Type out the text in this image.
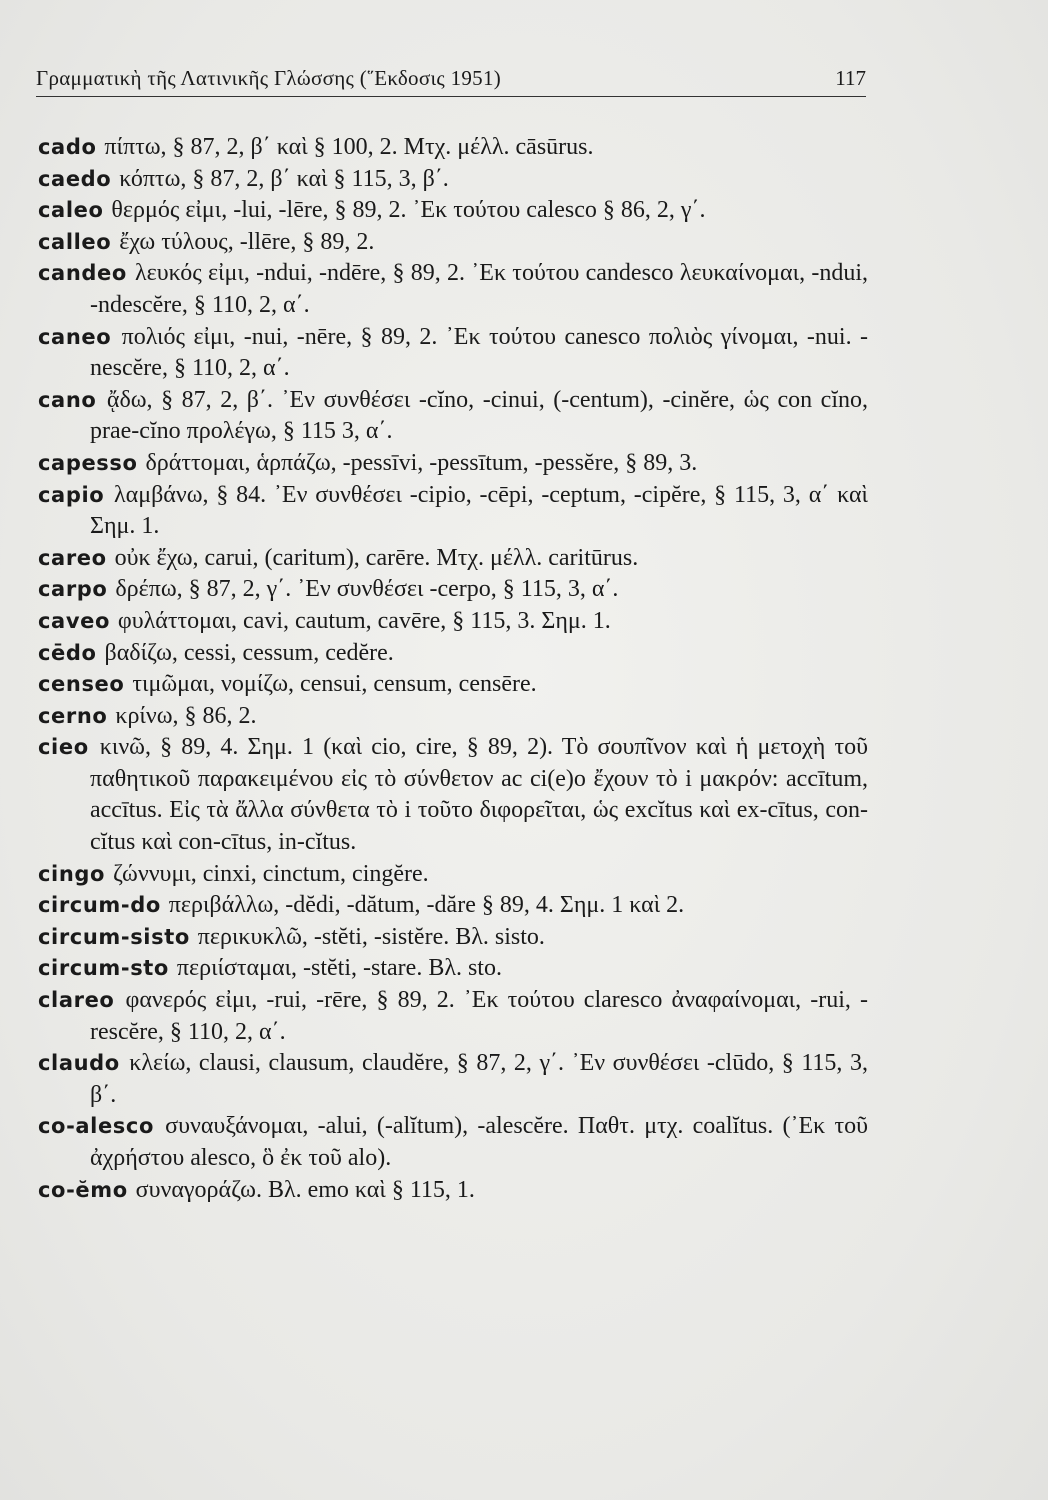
Γραμματικὴ τῆς Λατινικῆς Γλώσσης (῞Εκδοσις 1951)	117

cado πίπτω, § 87, 2, β΄ καὶ § 100, 2. Μτχ. μέλλ. cāsūrus.

caedo κόπτω, § 87, 2, β΄ καὶ § 115, 3, β΄.

caleo θερμός εἰμι, -lui, -lēre, § 89, 2. ᾿Εκ τούτου calesco § 86, 2, γ΄.

calleo ἔχω τύλους, -llēre, § 89, 2.

candeo λευκός εἰμι, -ndui, -ndēre, § 89, 2. ᾿Εκ τούτου candesco λευκαίνομαι, -ndui, -ndescĕre, § 110, 2, α΄.

caneo πολιός εἰμι, -nui, -nēre, § 89, 2. ᾿Εκ τούτου canesco πολιὸς γίνομαι, -nui. -nescĕre, § 110, 2, α΄.

cano ᾄδω, § 87, 2, β΄. ᾿Εν συνθέσει -cĭno, -cinui, (-centum), -cinĕre, ὡς con cĭno, prae-cĭno προλέγω, § 115 3, α΄.

capesso δράττομαι, ἁρπάζω, -pessīvi, -pessītum, -pessĕre, § 89, 3.

capio λαμβάνω, § 84. ᾿Εν συνθέσει -cipio, -cēpi, -ceptum, -cipĕre, § 115, 3, α΄ καὶ Σημ. 1.

careo οὐκ ἔχω, carui, (caritum), carēre. Μτχ. μέλλ. caritūrus.

carpo δρέπω, § 87, 2, γ΄. ᾿Εν συνθέσει -cerpo, § 115, 3, α΄.

caveo φυλάττομαι, cavi, cautum, cavēre, § 115, 3. Σημ. 1.

cēdo βαδίζω, cessi, cessum, cedĕre.

censeo τιμῶμαι, νομίζω, censui, censum, censēre.

cerno κρίνω, § 86, 2.

cieo κινῶ, § 89, 4. Σημ. 1 (καὶ cio, cire, § 89, 2). Τὸ σουπῖνον καὶ ἡ μετοχὴ τοῦ παθητικοῦ παρακειμένου εἰς τὸ σύνθετον ac ci(e)o ἔχουν τὸ i μακρόν: accītum, accītus. Εἰς τὰ ἄλλα σύνθετα τὸ i τοῦτο διφορεῖται, ὡς excĭtus καὶ ex-cītus, con-cĭtus καὶ con-cītus, in-cĭtus.

cingo ζώννυμι, cinxi, cinctum, cingĕre.

circum-do περιβάλλω, -dĕdi, -dătum, -dăre § 89, 4. Σημ. 1 καὶ 2.

circum-sisto περικυκλῶ, -stĕti, -sistĕre. Βλ. sisto.

circum-sto περιίσταμαι, -stĕti, -stare. Βλ. sto.

clareo φανερός εἰμι, -rui, -rēre, § 89, 2. ᾿Εκ τούτου claresco ἀναφαίνομαι, -rui, -rescĕre, § 110, 2, α΄.

claudo κλείω, clausi, clausum, claudĕre, § 87, 2, γ΄. ᾿Εν συνθέσει -clūdo, § 115, 3, β΄.

co-alesco συναυξάνομαι, -alui, (-alĭtum), -alescĕre. Παθτ. μτχ. coalĭtus. (᾿Εκ τοῦ ἀχρήστου alesco, ὃ ἐκ τοῦ alo).

co-ĕmo συναγοράζω. Βλ. emo καὶ § 115, 1.
